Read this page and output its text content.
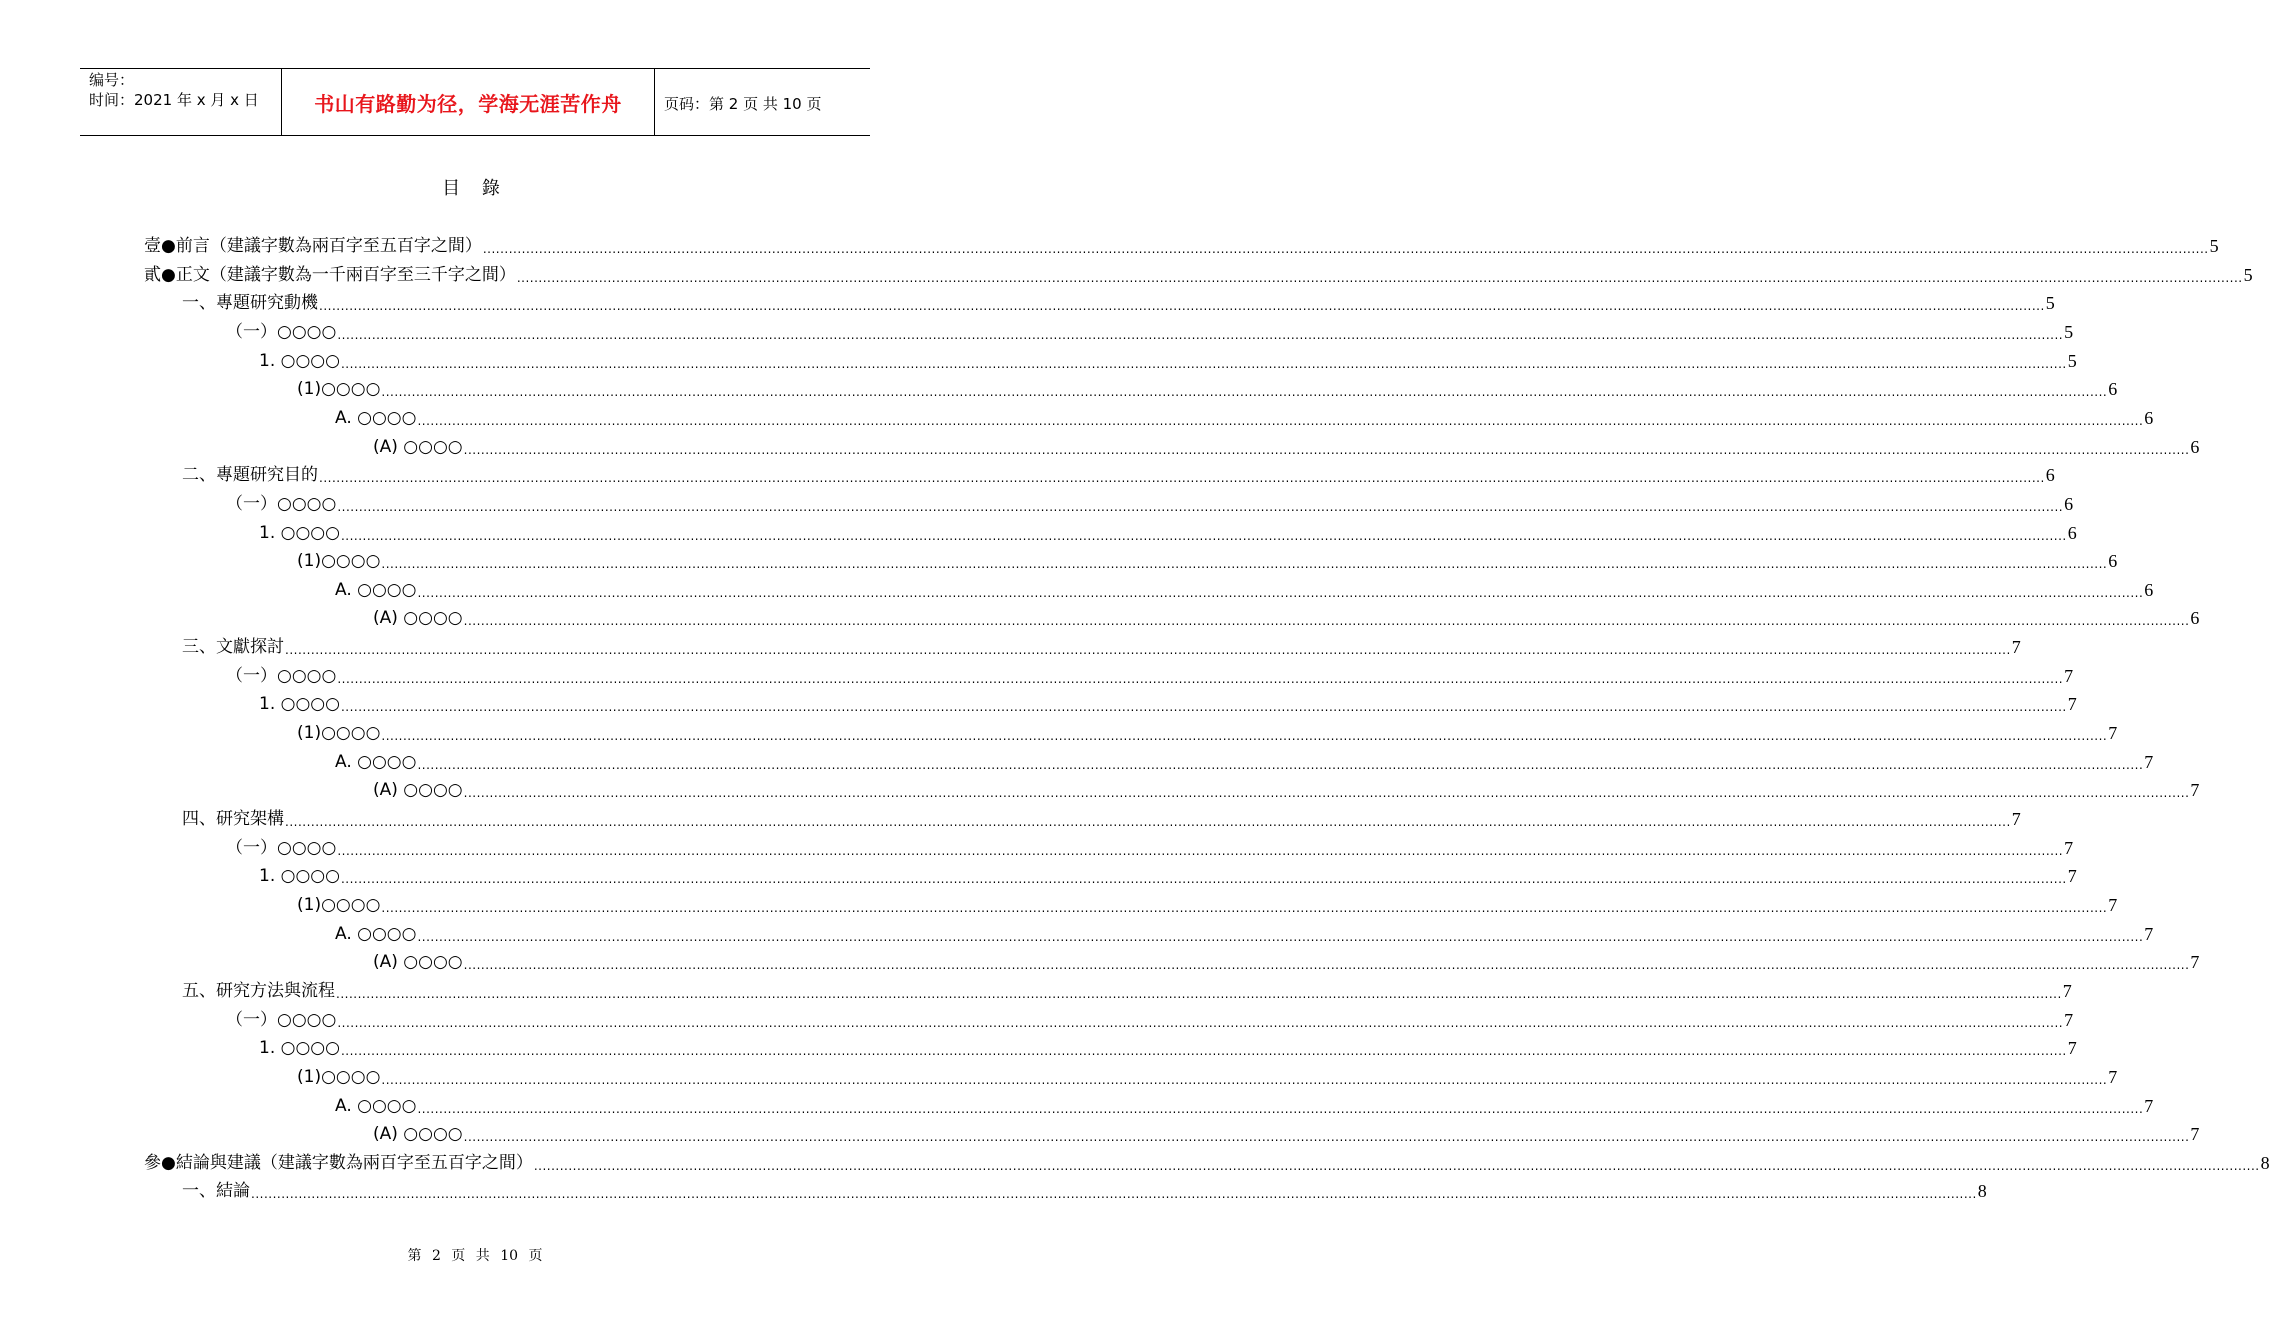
编号：
时间：2021 年 x 月 x 日	书山有路勤为径，学海无涯苦作舟	页码：第 2 页 共 10 页
目 錄
壹●前言（建議字數為兩百字至五百字之間） ................................................................................................................................................................................................................................................................................................................................................................................................................ 5
貳●正文（建議字數為一千兩百字至三千字之間） ................................................................................................................................................................................................................................................................................................................................................................................................................ 5
一、專題研究動機 ................................................................................................................................................................................................................................................................................................................................................................................................................ 5
（一）○○○○ ................................................................................................................................................................................................................................................................................................................................................................................................................ 5
1. ○○○○ ................................................................................................................................................................................................................................................................................................................................................................................................................ 5
(1)○○○○ ................................................................................................................................................................................................................................................................................................................................................................................................................ 6
A. ○○○○ ................................................................................................................................................................................................................................................................................................................................................................................................................ 6
(A) ○○○○ ................................................................................................................................................................................................................................................................................................................................................................................................................ 6
二、專題研究目的 ................................................................................................................................................................................................................................................................................................................................................................................................................ 6
（一）○○○○ ................................................................................................................................................................................................................................................................................................................................................................................................................ 6
1. ○○○○ ................................................................................................................................................................................................................................................................................................................................................................................................................ 6
(1)○○○○ ................................................................................................................................................................................................................................................................................................................................................................................................................ 6
A. ○○○○ ................................................................................................................................................................................................................................................................................................................................................................................................................ 6
(A) ○○○○ ................................................................................................................................................................................................................................................................................................................................................................................................................ 6
三、文獻探討 ................................................................................................................................................................................................................................................................................................................................................................................................................ 7
（一）○○○○ ................................................................................................................................................................................................................................................................................................................................................................................................................ 7
1. ○○○○ ................................................................................................................................................................................................................................................................................................................................................................................................................ 7
(1)○○○○ ................................................................................................................................................................................................................................................................................................................................................................................................................ 7
A. ○○○○ ................................................................................................................................................................................................................................................................................................................................................................................................................ 7
(A) ○○○○ ................................................................................................................................................................................................................................................................................................................................................................................................................ 7
四、研究架構 ................................................................................................................................................................................................................................................................................................................................................................................................................ 7
（一）○○○○ ................................................................................................................................................................................................................................................................................................................................................................................................................ 7
1. ○○○○ ................................................................................................................................................................................................................................................................................................................................................................................................................ 7
(1)○○○○ ................................................................................................................................................................................................................................................................................................................................................................................................................ 7
A. ○○○○ ................................................................................................................................................................................................................................................................................................................................................................................................................ 7
(A) ○○○○ ................................................................................................................................................................................................................................................................................................................................................................................................................ 7
五、研究方法與流程 ................................................................................................................................................................................................................................................................................................................................................................................................................ 7
（一）○○○○ ................................................................................................................................................................................................................................................................................................................................................................................................................ 7
1. ○○○○ ................................................................................................................................................................................................................................................................................................................................................................................................................ 7
(1)○○○○ ................................................................................................................................................................................................................................................................................................................................................................................................................ 7
A. ○○○○ ................................................................................................................................................................................................................................................................................................................................................................................................................ 7
(A) ○○○○ ................................................................................................................................................................................................................................................................................................................................................................................................................ 7
參●結論與建議（建議字數為兩百字至五百字之間） ................................................................................................................................................................................................................................................................................................................................................................................................................ 8
一、結論 ................................................................................................................................................................................................................................................................................................................................................................................................................ 8
第 2 页 共 10 页
